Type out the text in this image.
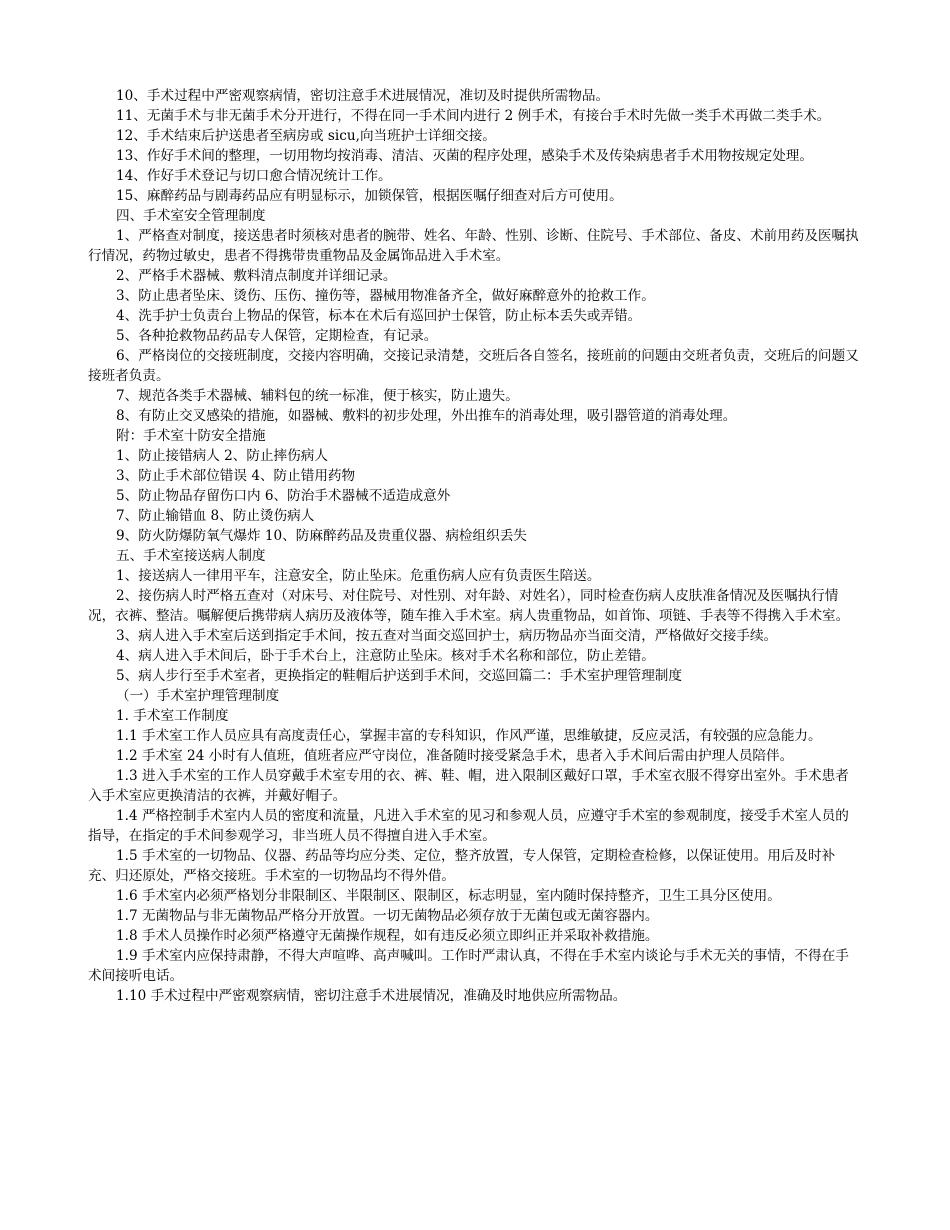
10、手术过程中严密观察病情，密切注意手术进展情况，准切及时提供所需物品。

11、无菌手术与非无菌手术分开进行，不得在同一手术间内进行 2 例手术，有接台手术时先做一类手术再做二类手术。

12、手术结束后护送患者至病房或 sicu,向当班护士详细交接。

13、作好手术间的整理，一切用物均按消毒、清洁、灭菌的程序处理，感染手术及传染病患者手术用物按规定处理。

14、作好手术登记与切口愈合情况统计工作。

15、麻醉药品与剧毒药品应有明显标示，加锁保管，根据医嘱仔细查对后方可使用。

四、手术室安全管理制度

1、严格查对制度，接送患者时须核对患者的腕带、姓名、年龄、性别、诊断、住院号、手术部位、备皮、术前用药及医嘱执行情况，药物过敏史，患者不得携带贵重物品及金属饰品进入手术室。

2、严格手术器械、敷料清点制度并详细记录。

3、防止患者坠床、烫伤、压伤、撞伤等，器械用物准备齐全，做好麻醉意外的抢救工作。

4、洗手护士负责台上物品的保管，标本在术后有巡回护士保管，防止标本丢失或弄错。

5、各种抢救物品药品专人保管，定期检查，有记录。

6、严格岗位的交接班制度，交接内容明确，交接记录清楚，交班后各自签名，接班前的问题由交班者负责，交班后的问题又接班者负责。

7、规范各类手术器械、辅料包的统一标准，便于核实，防止遗失。

8、有防止交叉感染的措施，如器械、敷料的初步处理，外出推车的消毒处理，吸引器管道的消毒处理。

附：手术室十防安全措施

1、防止接错病人 2、防止摔伤病人

3、防止手术部位错误 4、防止错用药物

5、防止物品存留伤口内 6、防治手术器械不适造成意外

7、防止输错血 8、防止烫伤病人

9、防火防爆防氧气爆炸 10、防麻醉药品及贵重仪器、病检组织丢失

五、手术室接送病人制度

1、接送病人一律用平车，注意安全，防止坠床。危重伤病人应有负责医生陪送。

2、接伤病人时严格五查对（对床号、对住院号、对性别、对年龄、对姓名），同时检查伤病人皮肤准备情况及医嘱执行情况，衣裤、整洁。嘱解便后携带病人病历及液体等，随车推入手术室。病人贵重物品，如首饰、项链、手表等不得携入手术室。

3、病人进入手术室后送到指定手术间，按五查对当面交巡回护士，病历物品亦当面交清，严格做好交接手续。

4、病人进入手术间后，卧于手术台上，注意防止坠床。核对手术名称和部位，防止差错。

5、病人步行至手术室者，更换指定的鞋帽后护送到手术间，交巡回篇二：手术室护理管理制度

（一）手术室护理管理制度

1. 手术室工作制度

1.1 手术室工作人员应具有高度责任心，掌握丰富的专科知识，作风严谨，思维敏捷，反应灵活，有较强的应急能力。

1.2 手术室 24 小时有人值班，值班者应严守岗位，准备随时接受紧急手术，患者入手术间后需由护理人员陪伴。

1.3 进入手术室的工作人员穿戴手术室专用的衣、裤、鞋、帽，进入限制区戴好口罩，手术室衣服不得穿出室外。手术患者入手术室应更换清洁的衣裤，并戴好帽子。

1.4 严格控制手术室内人员的密度和流量，凡进入手术室的见习和参观人员，应遵守手术室的参观制度，接受手术室人员的指导，在指定的手术间参观学习，非当班人员不得擅自进入手术室。

1.5 手术室的一切物品、仪器、药品等均应分类、定位，整齐放置，专人保管，定期检查检修，以保证使用。用后及时补充、归还原处，严格交接班。手术室的一切物品均不得外借。

1.6 手术室内必须严格划分非限制区、半限制区、限制区，标志明显，室内随时保持整齐，卫生工具分区使用。

1.7 无菌物品与非无菌物品严格分开放置。一切无菌物品必须存放于无菌包或无菌容器内。

1.8 手术人员操作时必须严格遵守无菌操作规程，如有违反必须立即纠正并采取补救措施。

1.9 手术室内应保持肃静，不得大声喧哗、高声喊叫。工作时严肃认真，不得在手术室内谈论与手术无关的事情，不得在手术间接听电话。

1.10 手术过程中严密观察病情，密切注意手术进展情况，准确及时地供应所需物品。
